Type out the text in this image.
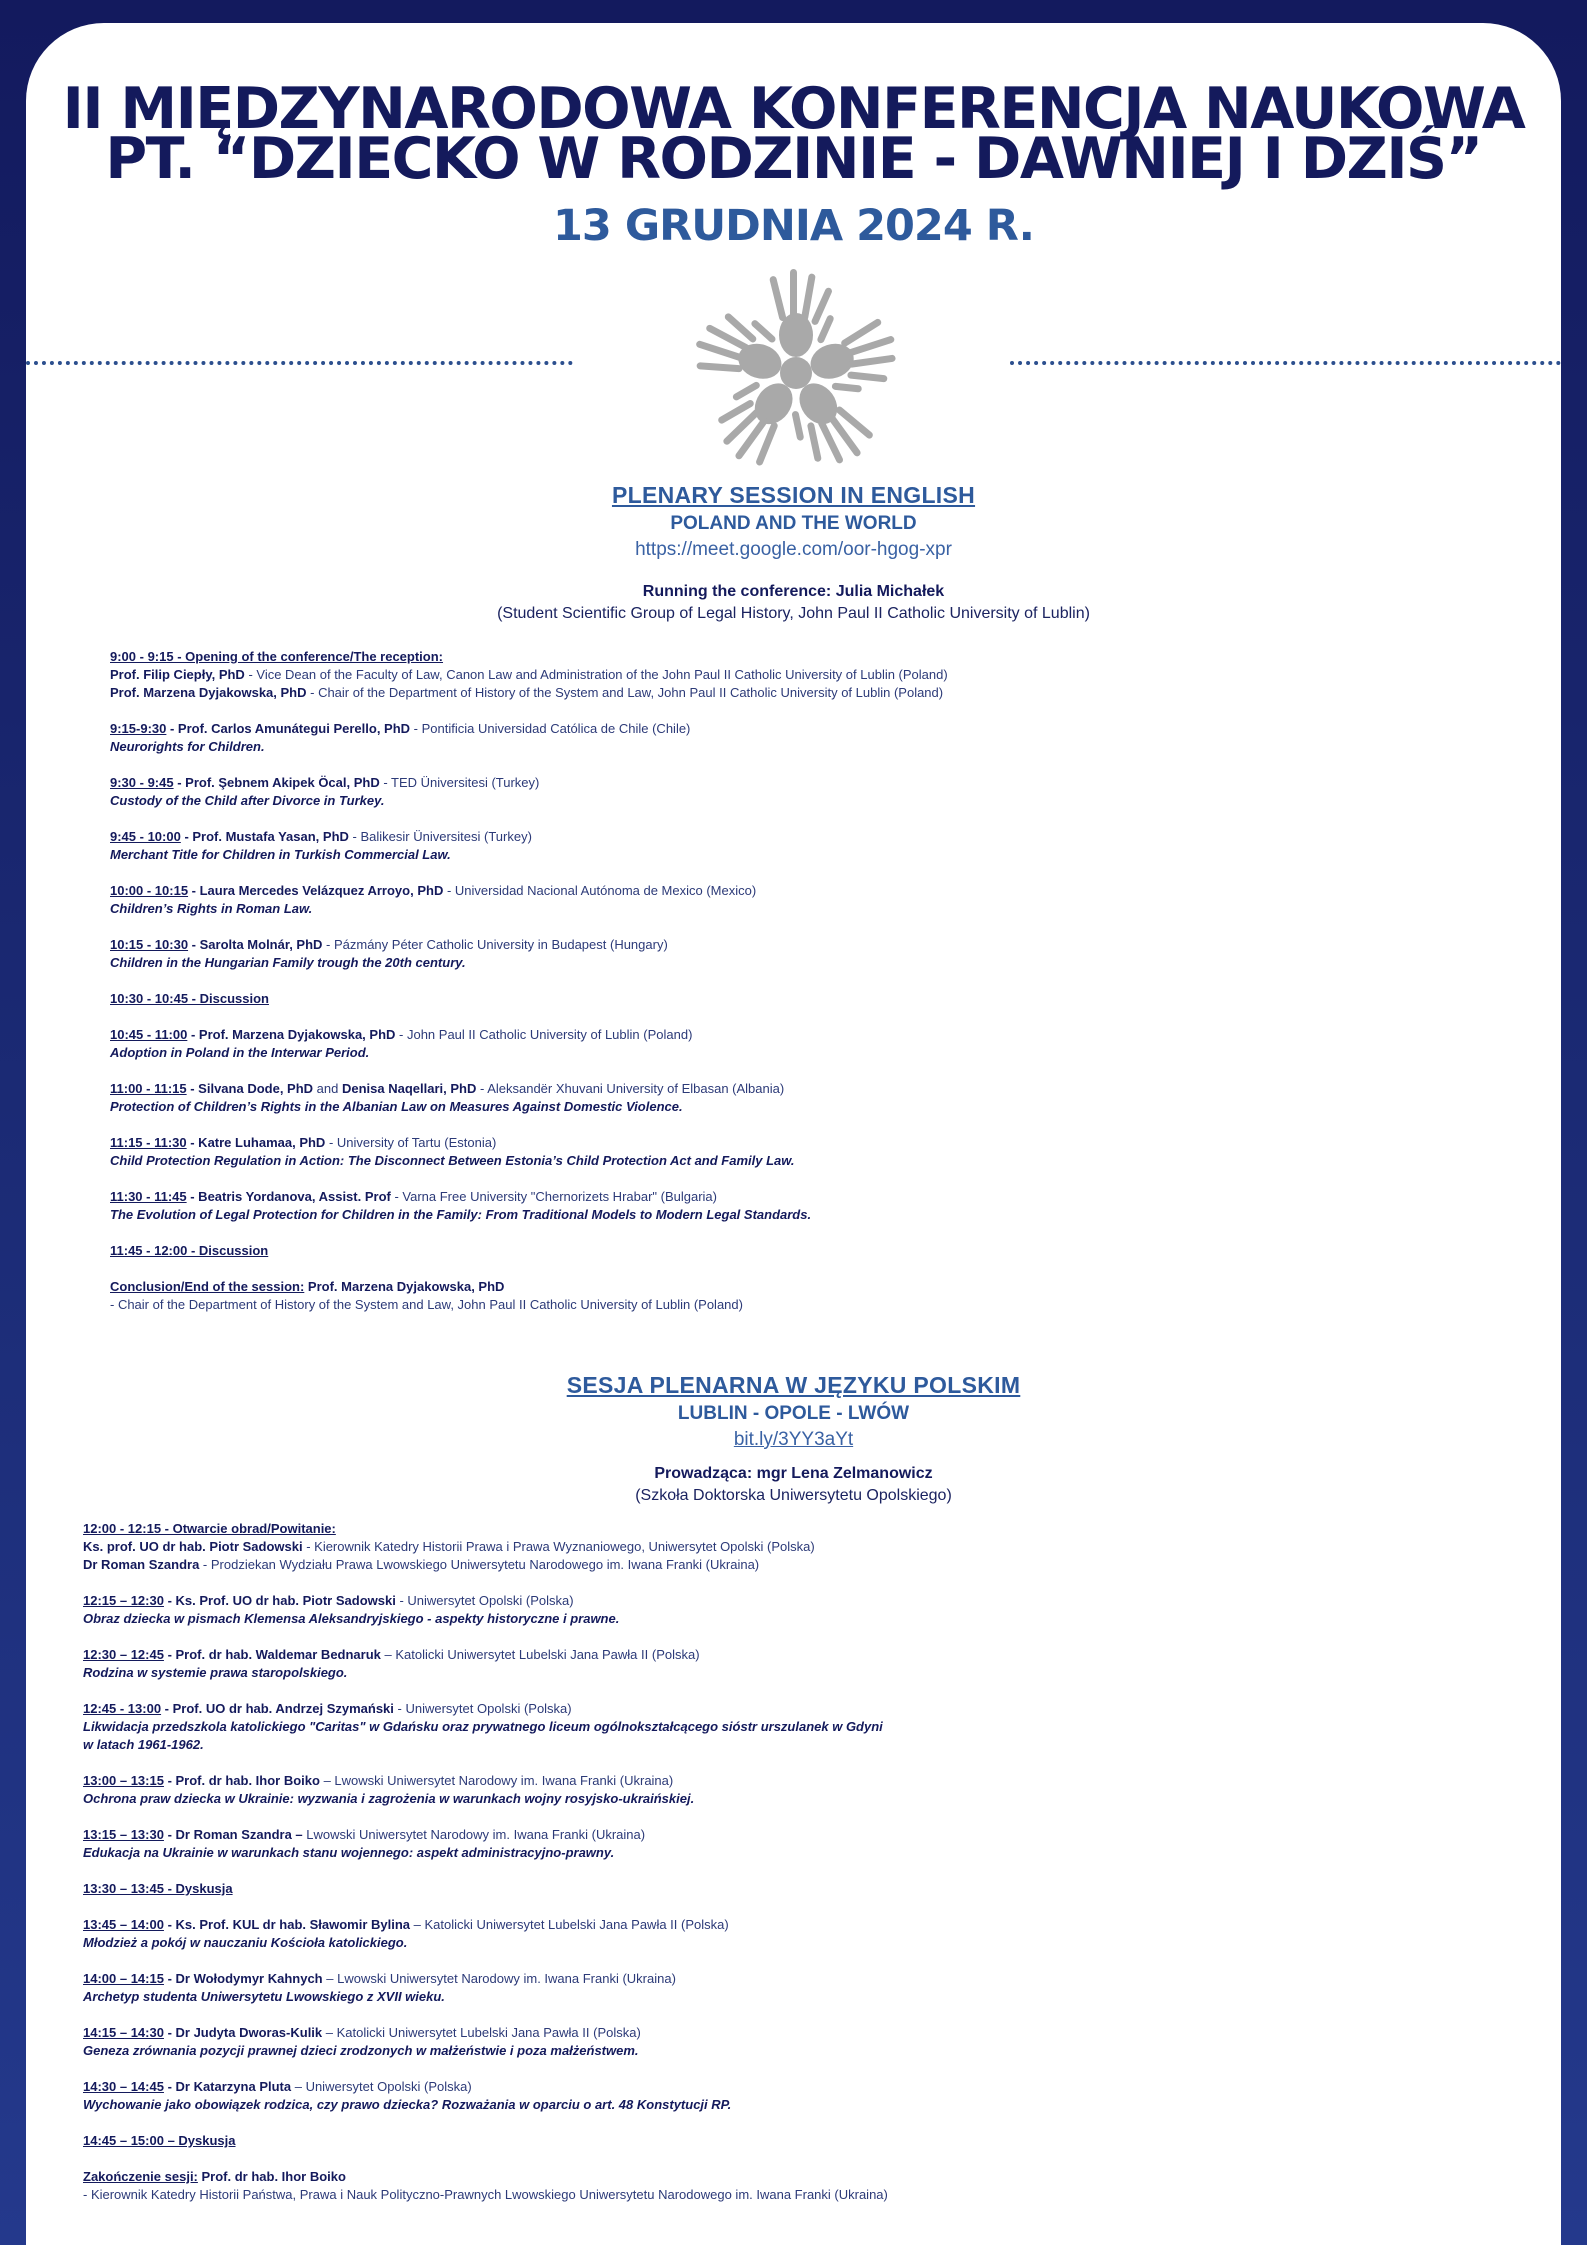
II MIĘDZYNARODOWA KONFERENCJA NAUKOWA
PT. “DZIECKO W RODZINIE - DAWNIEJ I DZIŚ”
13 GRUDNIA 2024 R.
PLENARY SESSION IN ENGLISH
POLAND AND THE WORLD
https://meet.google.com/oor-hgog-xpr
Running the conference: Julia Michałek
(Student Scientific Group of Legal History, John Paul II Catholic University of Lublin)
9:00 - 9:15 - Opening of the conference/The reception:
Prof. Filip Ciepły, PhD - Vice Dean of the Faculty of Law, Canon Law and Administration of the John Paul II Catholic University of Lublin (Poland)
Prof. Marzena Dyjakowska, PhD - Chair of the Department of History of the System and Law, John Paul II Catholic University of Lublin (Poland)
9:15-9:30 - Prof. Carlos Amunátegui Perello, PhD - Pontificia Universidad Católica de Chile (Chile)
Neurorights for Children.
9:30 - 9:45 - Prof. Şebnem Akipek Öcal, PhD - TED Üniversitesi (Turkey)
Custody of the Child after Divorce in Turkey.
9:45 - 10:00 - Prof. Mustafa Yasan, PhD - Balikesir Üniversitesi (Turkey)
Merchant Title for Children in Turkish Commercial Law.
10:00 - 10:15 - Laura Mercedes Velázquez Arroyo, PhD - Universidad Nacional Autónoma de Mexico (Mexico)
Children’s Rights in Roman Law.
10:15 - 10:30 - Sarolta Molnár, PhD - Pázmány Péter Catholic University in Budapest (Hungary)
Children in the Hungarian Family trough the 20th century.
10:30 - 10:45 - Discussion
10:45 - 11:00 - Prof. Marzena Dyjakowska, PhD - John Paul II Catholic University of Lublin (Poland)
Adoption in Poland in the Interwar Period.
11:00 - 11:15 - Silvana Dode, PhD and Denisa Naqellari, PhD - Aleksandër Xhuvani University of Elbasan (Albania)
Protection of Children’s Rights in the Albanian Law on Measures Against Domestic Violence.
11:15 - 11:30 - Katre Luhamaa, PhD - University of Tartu (Estonia)
Child Protection Regulation in Action: The Disconnect Between Estonia’s Child Protection Act and Family Law.
11:30 - 11:45 - Beatris Yordanova, Assist. Prof - Varna Free University "Chernorizets Hrabar" (Bulgaria)
The Evolution of Legal Protection for Children in the Family: From Traditional Models to Modern Legal Standards.
11:45 - 12:00 - Discussion
Conclusion/End of the session: Prof. Marzena Dyjakowska, PhD
- Chair of the Department of History of the System and Law, John Paul II Catholic University of Lublin (Poland)
SESJA PLENARNA W JĘZYKU POLSKIM
LUBLIN - OPOLE - LWÓW
bit.ly/3YY3aYt
Prowadząca: mgr Lena Zelmanowicz
(Szkoła Doktorska Uniwersytetu Opolskiego)
12:00 - 12:15 - Otwarcie obrad/Powitanie:
Ks. prof. UO dr hab. Piotr Sadowski - Kierownik Katedry Historii Prawa i Prawa Wyznaniowego, Uniwersytet Opolski (Polska)
Dr Roman Szandra - Prodziekan Wydziału Prawa Lwowskiego Uniwersytetu Narodowego im. Iwana Franki (Ukraina)
12:15 – 12:30 - Ks. Prof. UO dr hab. Piotr Sadowski - Uniwersytet Opolski (Polska)
Obraz dziecka w pismach Klemensa Aleksandryjskiego - aspekty historyczne i prawne.
12:30 – 12:45 - Prof. dr hab. Waldemar Bednaruk – Katolicki Uniwersytet Lubelski Jana Pawła II (Polska)
Rodzina w systemie prawa staropolskiego.
12:45 - 13:00 - Prof. UO dr hab. Andrzej Szymański - Uniwersytet Opolski (Polska)
Likwidacja przedszkola katolickiego "Caritas" w Gdańsku oraz prywatnego liceum ogólnokształcącego sióstr urszulanek w Gdyni
w latach 1961-1962.
13:00 – 13:15 - Prof. dr hab. Ihor Boiko – Lwowski Uniwersytet Narodowy im. Iwana Franki (Ukraina)
Ochrona praw dziecka w Ukrainie: wyzwania i zagrożenia w warunkach wojny rosyjsko-ukraińskiej.
13:15 – 13:30 - Dr Roman Szandra – Lwowski Uniwersytet Narodowy im. Iwana Franki (Ukraina)
Edukacja na Ukrainie w warunkach stanu wojennego: aspekt administracyjno-prawny.
13:30 – 13:45 - Dyskusja
13:45 – 14:00 - Ks. Prof. KUL dr hab. Sławomir Bylina – Katolicki Uniwersytet Lubelski Jana Pawła II (Polska)
Młodzież a pokój w nauczaniu Kościoła katolickiego.
14:00 – 14:15 - Dr Wołodymyr Kahnych – Lwowski Uniwersytet Narodowy im. Iwana Franki (Ukraina)
Archetyp studenta Uniwersytetu Lwowskiego z XVII wieku.
14:15 – 14:30 - Dr Judyta Dworas-Kulik – Katolicki Uniwersytet Lubelski Jana Pawła II (Polska)
Geneza zrównania pozycji prawnej dzieci zrodzonych w małżeństwie i poza małżeństwem.
14:30 – 14:45 - Dr Katarzyna Pluta – Uniwersytet Opolski (Polska)
Wychowanie jako obowiązek rodzica, czy prawo dziecka? Rozważania w oparciu o art. 48 Konstytucji RP.
14:45 – 15:00 – Dyskusja
Zakończenie sesji: Prof. dr hab. Ihor Boiko
- Kierownik Katedry Historii Państwa, Prawa i Nauk Polityczno-Prawnych Lwowskiego Uniwersytetu Narodowego im. Iwana Franki (Ukraina)
